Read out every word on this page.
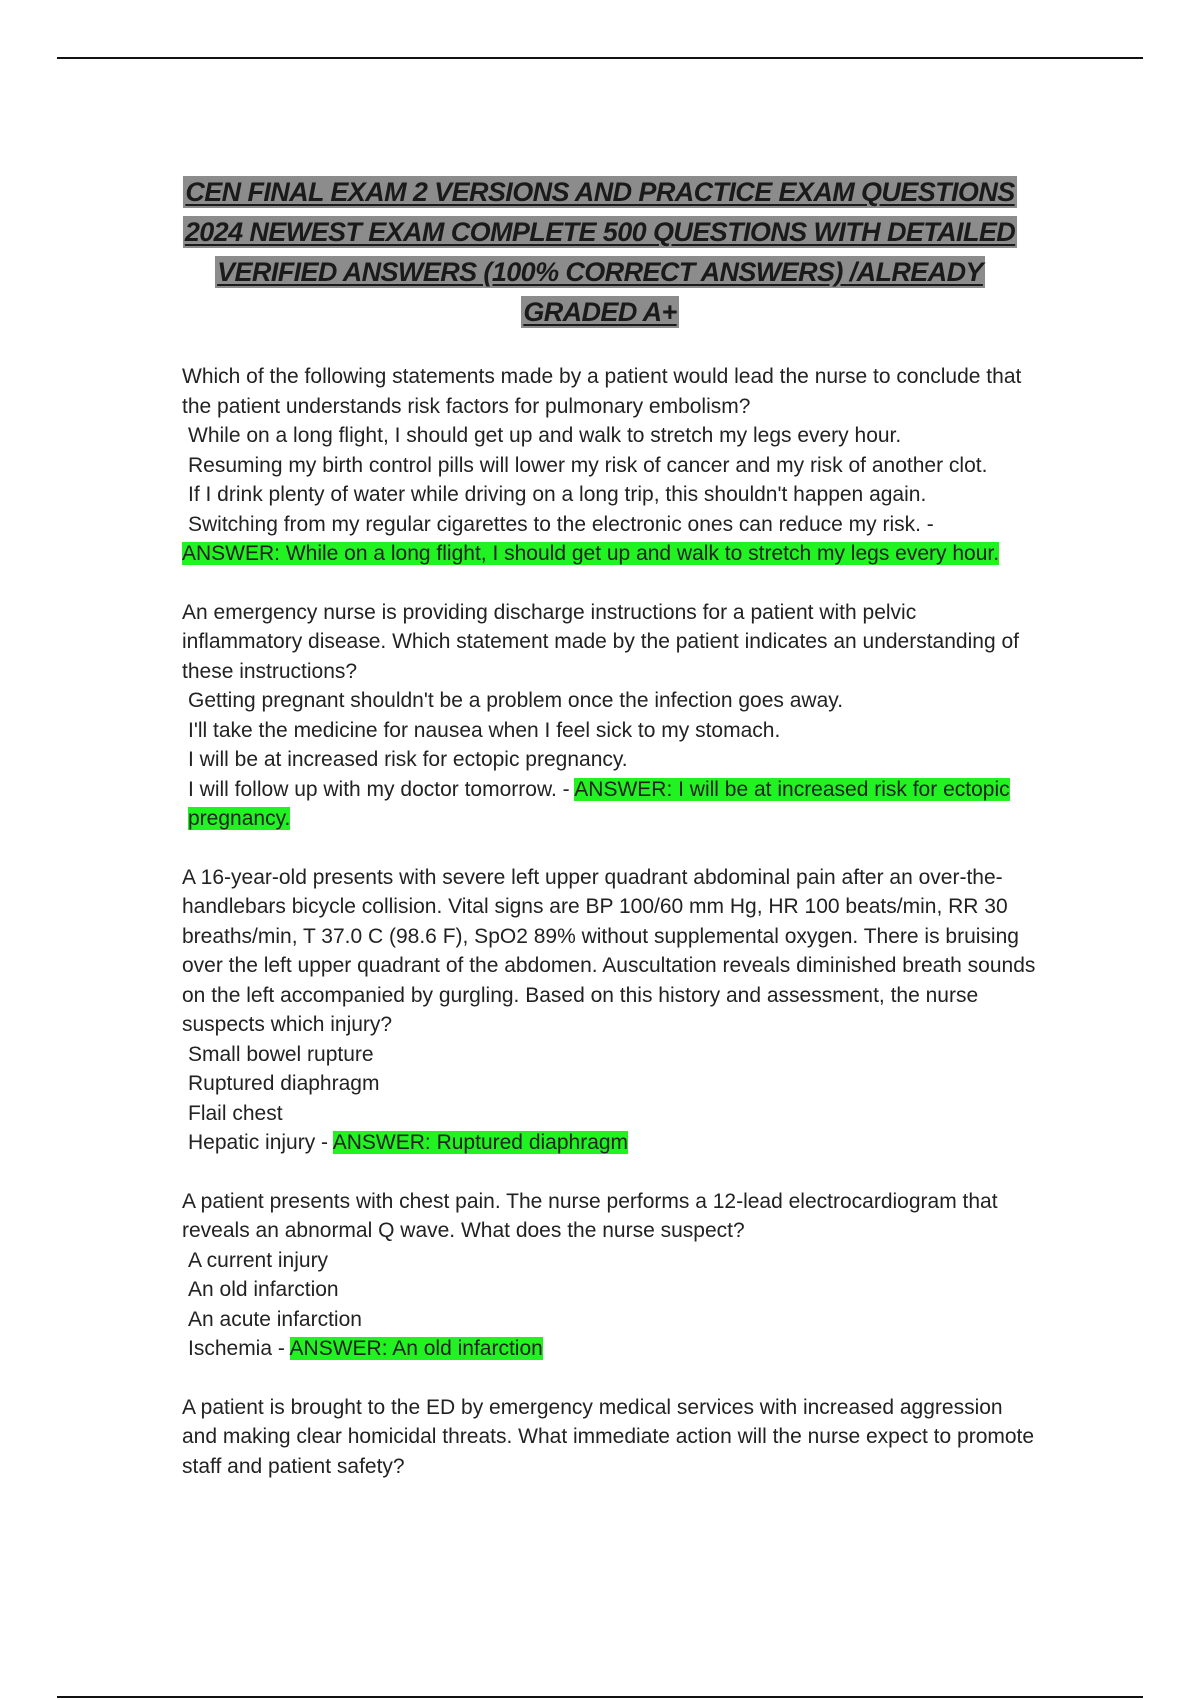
CEN FINAL EXAM 2 VERSIONS AND PRACTICE EXAM QUESTIONS 2024 NEWEST EXAM COMPLETE 500 QUESTIONS WITH DETAILED VERIFIED ANSWERS (100% CORRECT ANSWERS) /ALREADY GRADED A+

Which of the following statements made by a patient would lead the nurse to conclude that the patient understands risk factors for pulmonary embolism?

While on a long flight, I should get up and walk to stretch my legs every hour.

Resuming my birth control pills will lower my risk of cancer and my risk of another clot.

If I drink plenty of water while driving on a long trip, this shouldn't happen again.

Switching from my regular cigarettes to the electronic ones can reduce my risk. -

ANSWER: While on a long flight, I should get up and walk to stretch my legs every hour.

An emergency nurse is providing discharge instructions for a patient with pelvic inflammatory disease. Which statement made by the patient indicates an understanding of these instructions?

Getting pregnant shouldn't be a problem once the infection goes away.

I'll take the medicine for nausea when I feel sick to my stomach.

I will be at increased risk for ectopic pregnancy.

I will follow up with my doctor tomorrow. - ANSWER: I will be at increased risk for ectopic pregnancy.

A 16-year-old presents with severe left upper quadrant abdominal pain after an over-the-handlebars bicycle collision. Vital signs are BP 100/60 mm Hg, HR 100 beats/min, RR 30 breaths/min, T 37.0 C (98.6 F), SpO2 89% without supplemental oxygen. There is bruising over the left upper quadrant of the abdomen. Auscultation reveals diminished breath sounds on the left accompanied by gurgling. Based on this history and assessment, the nurse suspects which injury?

Small bowel rupture

Ruptured diaphragm

Flail chest

Hepatic injury - ANSWER: Ruptured diaphragm

A patient presents with chest pain. The nurse performs a 12-lead electrocardiogram that reveals an abnormal Q wave. What does the nurse suspect?

A current injury

An old infarction

An acute infarction

Ischemia - ANSWER: An old infarction

A patient is brought to the ED by emergency medical services with increased aggression and making clear homicidal threats. What immediate action will the nurse expect to promote staff and patient safety?
